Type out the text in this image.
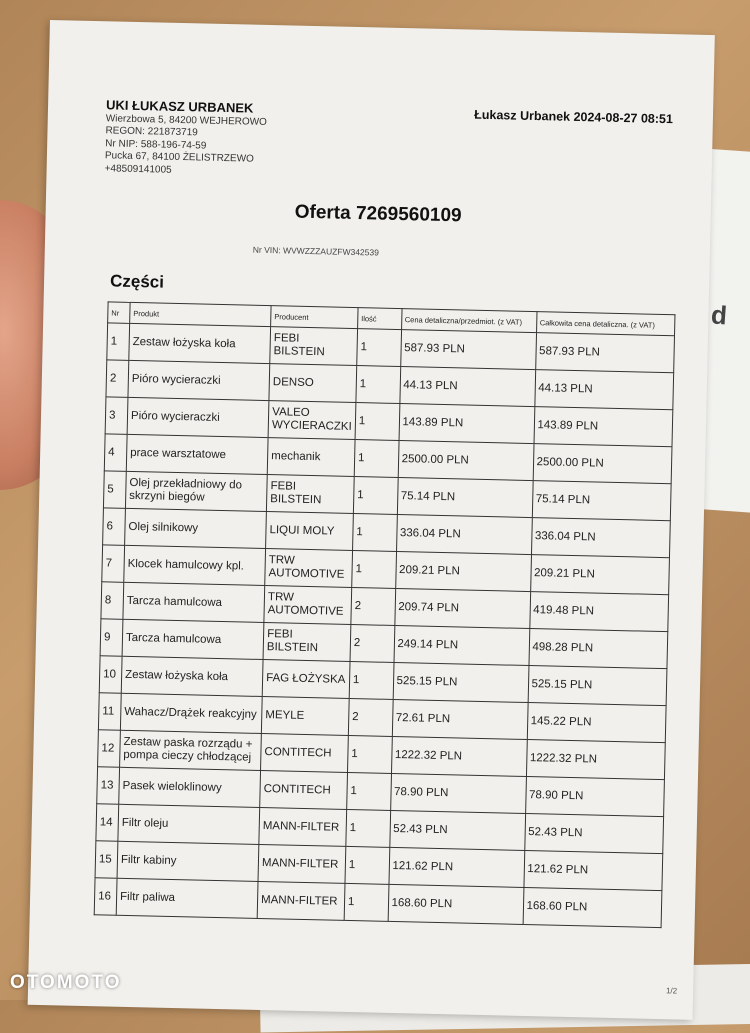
d
UKI ŁUKASZ URBANEK
Wierzbowa 5, 84200 WEJHEROWO
REGON: 221873719
Nr NIP: 588-196-74-59
Pucka 67, 84100 ŻELISTRZEWO
+48509141005
Łukasz Urbanek 2024-08-27 08:51
Oferta 7269560109
Nr VIN: WVWZZZAUZFW342539
Części
Nr	Produkt	Producent	Ilość	Cena detaliczna/przedmiot. (z VAT)	Całkowita cena detaliczna. (z VAT)
1	Zestaw łożyska koła	FEBI BILSTEIN	1	587.93 PLN	587.93 PLN
2	Pióro wycieraczki	DENSO	1	44.13 PLN	44.13 PLN
3	Pióro wycieraczki	VALEO WYCIERACZKI	1	143.89 PLN	143.89 PLN
4	prace warsztatowe	mechanik	1	2500.00 PLN	2500.00 PLN
5	Olej przekładniowy do skrzyni biegów	FEBI BILSTEIN	1	75.14 PLN	75.14 PLN
6	Olej silnikowy	LIQUI MOLY	1	336.04 PLN	336.04 PLN
7	Klocek hamulcowy kpl.	TRW AUTOMOTIVE	1	209.21 PLN	209.21 PLN
8	Tarcza hamulcowa	TRW AUTOMOTIVE	2	209.74 PLN	419.48 PLN
9	Tarcza hamulcowa	FEBI BILSTEIN	2	249.14 PLN	498.28 PLN
10	Zestaw łożyska koła	FAG ŁOŻYSKA	1	525.15 PLN	525.15 PLN
11	Wahacz/Drążek reakcyjny	MEYLE	2	72.61 PLN	145.22 PLN
12	Zestaw paska rozrządu + pompa cieczy chłodzącej	CONTITECH	1	1222.32 PLN	1222.32 PLN
13	Pasek wieloklinowy	CONTITECH	1	78.90 PLN	78.90 PLN
14	Filtr oleju	MANN-FILTER	1	52.43 PLN	52.43 PLN
15	Filtr kabiny	MANN-FILTER	1	121.62 PLN	121.62 PLN
16	Filtr paliwa	MANN-FILTER	1	168.60 PLN	168.60 PLN
1/2
OTOMOTO
